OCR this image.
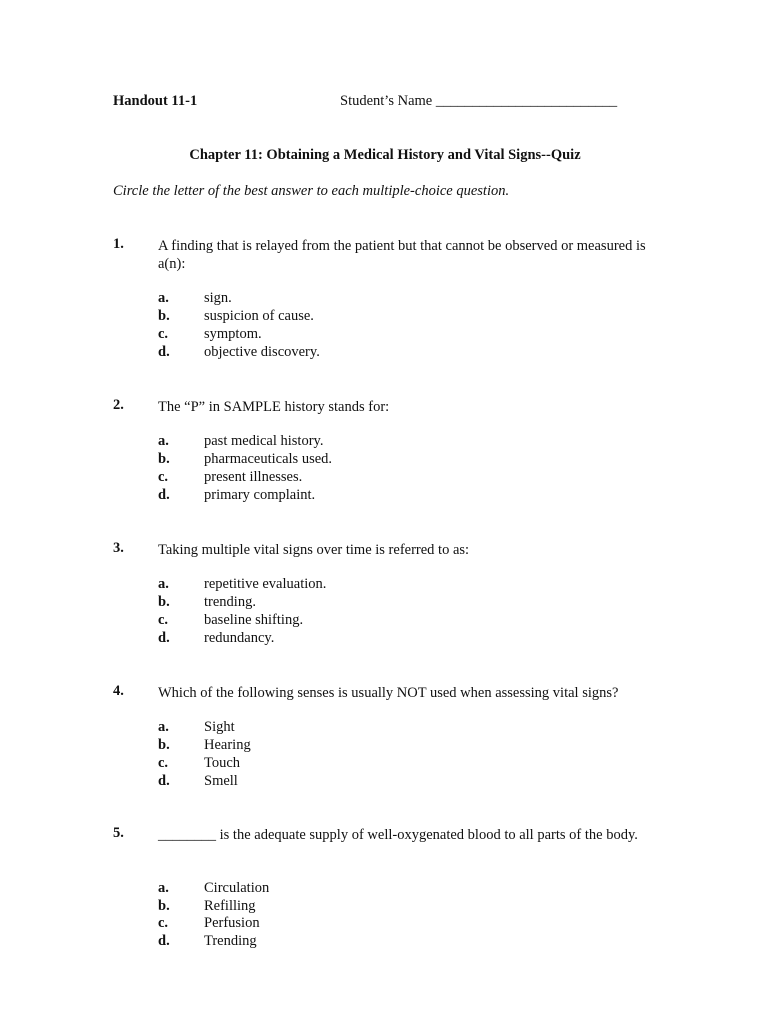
Handout 11-1	Student’s Name _________________________
Chapter 11: Obtaining a Medical History and Vital Signs--Quiz
Circle the letter of the best answer to each multiple-choice question.
1. A finding that is relayed from the patient but that cannot be observed or measured is a(n):
a. sign.
b. suspicion of cause.
c. symptom.
d. objective discovery.
2. The “P” in SAMPLE history stands for:
a. past medical history.
b. pharmaceuticals used.
c. present illnesses.
d. primary complaint.
3. Taking multiple vital signs over time is referred to as:
a. repetitive evaluation.
b. trending.
c. baseline shifting.
d. redundancy.
4. Which of the following senses is usually NOT used when assessing vital signs?
a. Sight
b. Hearing
c. Touch
d. Smell
5. ________ is the adequate supply of well-oxygenated blood to all parts of the body.
a. Circulation
b. Refilling
c. Perfusion
d. Trending
